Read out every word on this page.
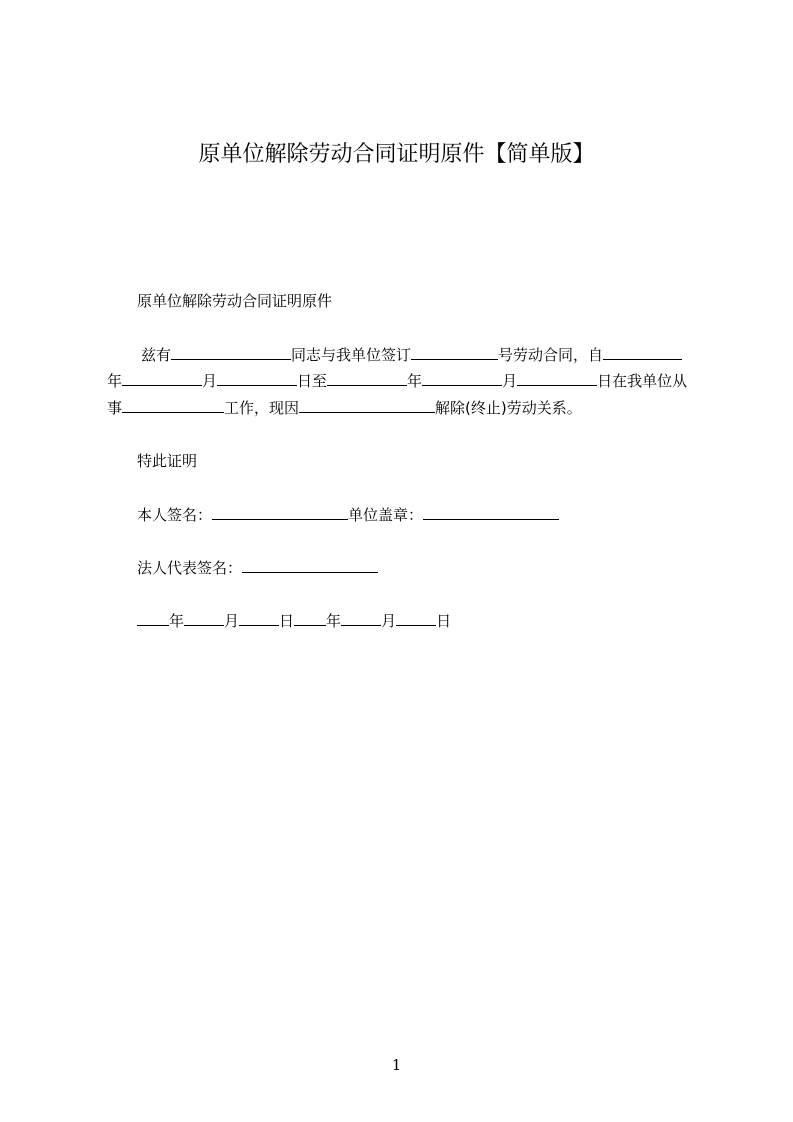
原单位解除劳动合同证明原件【简单版】
原单位解除劳动合同证明原件
兹有	同志与我单位签订	号劳动合同，自
年	月	日至	年	月	日在我单位从
事	工作，现因	解除(终止)劳动关系。
特此证明
本人签名：	单位盖章：
法人代表签名：
年	月	日 年	月	日
1
